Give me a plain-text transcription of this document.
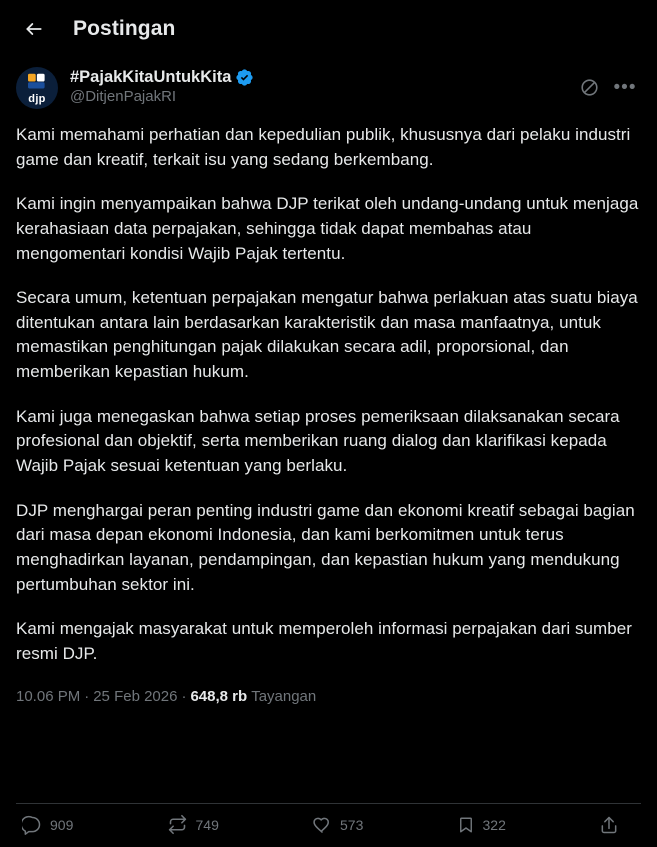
Postingan
djp
#PajakKitaUntukKita
@DitjenPajakRI	•••

Kami memahami perhatian dan kepedulian publik, khususnya dari pelaku industri game dan kreatif, terkait isu yang sedang berkembang.

Kami ingin menyampaikan bahwa DJP terikat oleh undang-undang untuk menjaga kerahasiaan data perpajakan, sehingga tidak dapat membahas atau mengomentari kondisi Wajib Pajak tertentu.

Secara umum, ketentuan perpajakan mengatur bahwa perlakuan atas suatu biaya ditentukan antara lain berdasarkan karakteristik dan masa manfaatnya, untuk memastikan penghitungan pajak dilakukan secara adil, proporsional, dan memberikan kepastian hukum.

Kami juga menegaskan bahwa setiap proses pemeriksaan dilaksanakan secara profesional dan objektif, serta memberikan ruang dialog dan klarifikasi kepada Wajib Pajak sesuai ketentuan yang berlaku.

DJP menghargai peran penting industri game dan ekonomi kreatif sebagai bagian dari masa depan ekonomi Indonesia, dan kami berkomitmen untuk terus menghadirkan layanan, pendampingan, dan kepastian hukum yang mendukung pertumbuhan sektor ini.

Kami mengajak masyarakat untuk memperoleh informasi perpajakan dari sumber resmi DJP.

10.06 PM · 25 Feb 2026 · 648,8 rb Tayangan
909	749	573	322
